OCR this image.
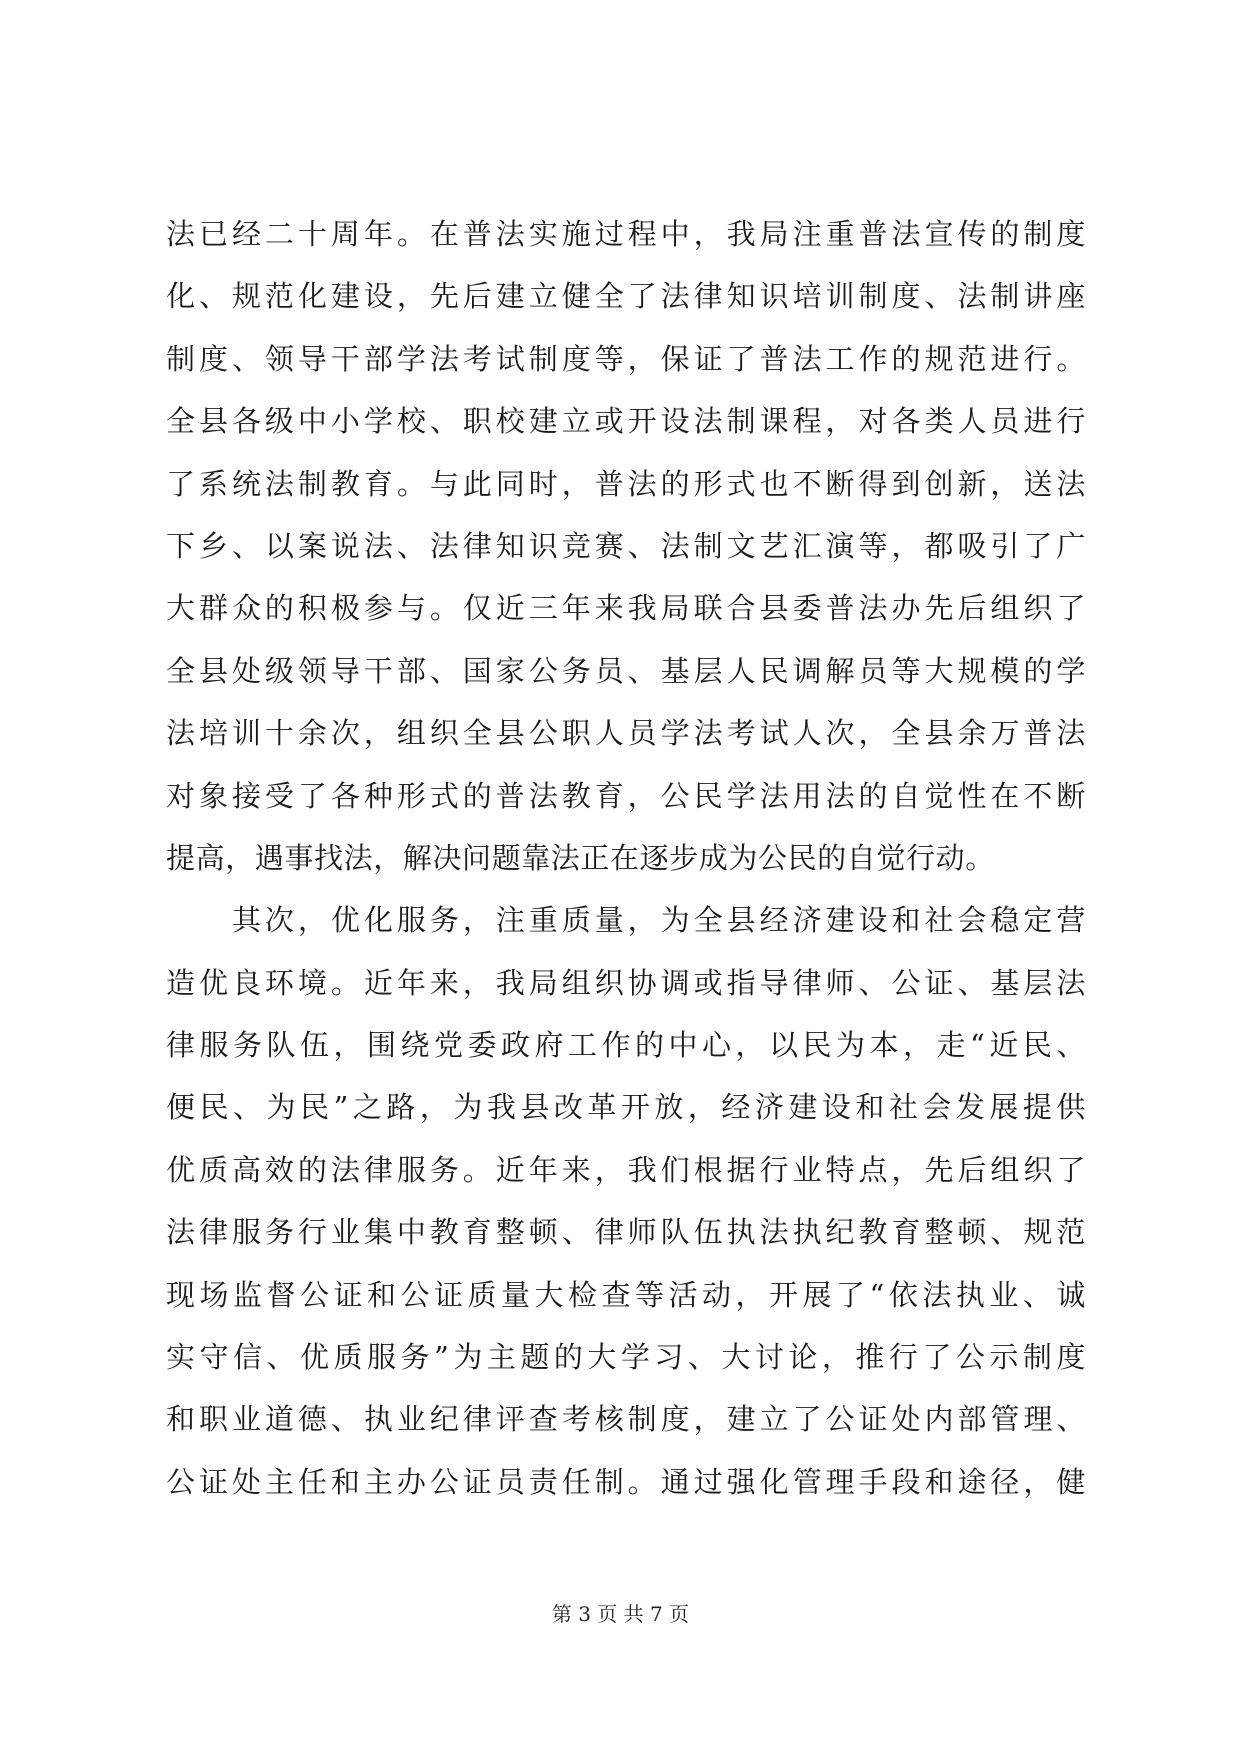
法已经二十周年。在普法实施过程中，我局注重普法宣传的制度
化、规范化建设，先后建立健全了法律知识培训制度、法制讲座
制度、领导干部学法考试制度等，保证了普法工作的规范进行。
全县各级中小学校、职校建立或开设法制课程，对各类人员进行
了系统法制教育。与此同时，普法的形式也不断得到创新，送法
下乡、以案说法、法律知识竞赛、法制文艺汇演等，都吸引了广
大群众的积极参与。仅近三年来我局联合县委普法办先后组织了
全县处级领导干部、国家公务员、基层人民调解员等大规模的学
法培训十余次，组织全县公职人员学法考试人次，全县余万普法
对象接受了各种形式的普法教育，公民学法用法的自觉性在不断
提高，遇事找法，解决问题靠法正在逐步成为公民的自觉行动。
　　其次，优化服务，注重质量，为全县经济建设和社会稳定营
造优良环境。近年来，我局组织协调或指导律师、公证、基层法
律服务队伍，围绕党委政府工作的中心，以民为本，走“近民、
便民、为民”之路，为我县改革开放，经济建设和社会发展提供
优质高效的法律服务。近年来，我们根据行业特点，先后组织了
法律服务行业集中教育整顿、律师队伍执法执纪教育整顿、规范
现场监督公证和公证质量大检查等活动，开展了“依法执业、诚
实守信、优质服务”为主题的大学习、大讨论，推行了公示制度
和职业道德、执业纪律评查考核制度，建立了公证处内部管理、
公证处主任和主办公证员责任制。通过强化管理手段和途径，健
第 3 页 共 7 页
